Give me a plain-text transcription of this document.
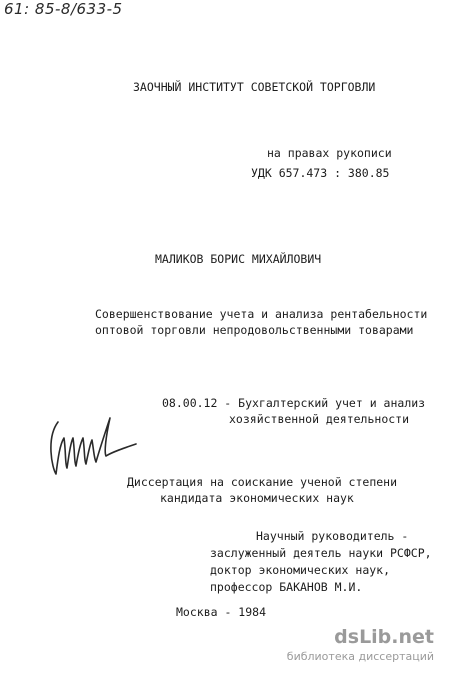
61: 85-8/633-5
ЗАОЧНЫЙ ИНСТИТУТ СОВЕТСКОЙ ТОРГОВЛИ
на правах рукописи
УДК 657.473 : 380.85
МАЛИКОВ БОРИС МИХАЙЛОВИЧ
Совершенствование учета и анализа рентабельности
оптовой торговли непродовольственными товарами
08.00.12 - Бухгалтерский учет и анализ
хозяйственной деятельности
Диссертация на соискание ученой степени
кандидата экономических наук
Научный руководитель -
заслуженный деятель науки РСФСР,
доктор экономических наук,
профессор БАКАНОВ М.И.
Москва - 1984
dsLib.net
библиотека диссертаций
